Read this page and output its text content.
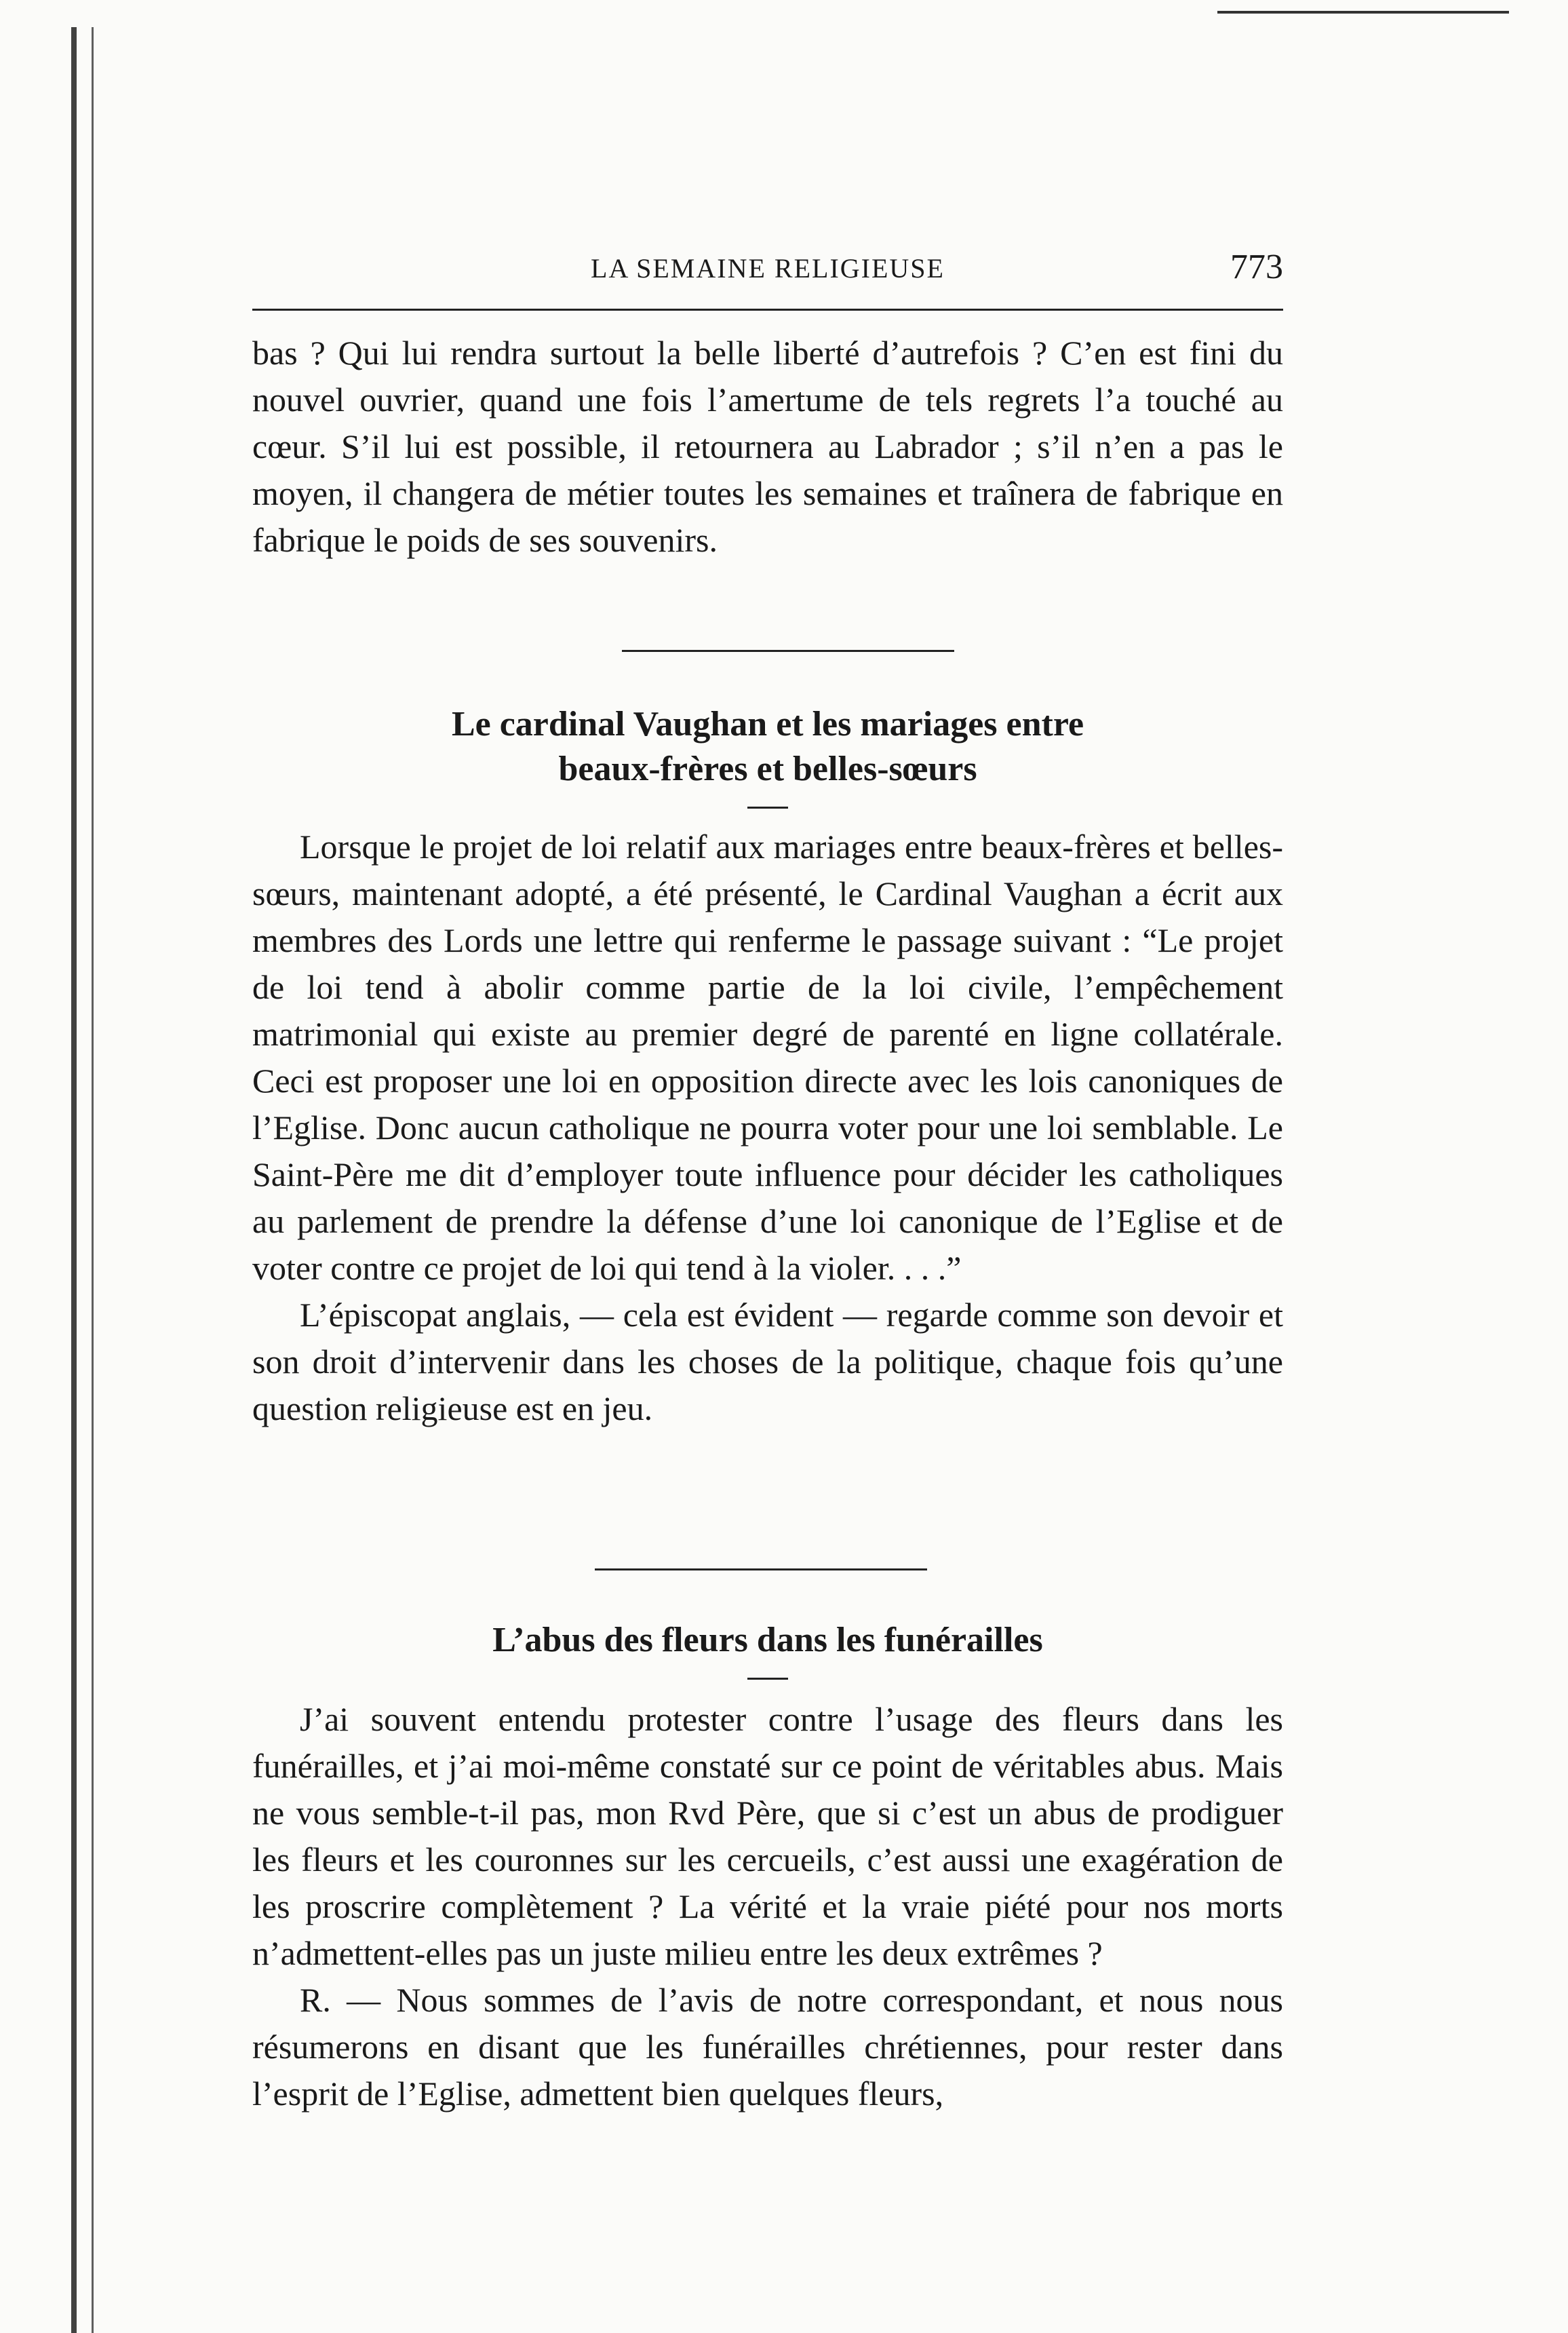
LA SEMAINE RELIGIEUSE	773

bas ? Qui lui rendra surtout la belle liberté d’autrefois ? C’en est fini du nouvel ouvrier, quand une fois l’amertume de tels regrets l’a touché au cœur. S’il lui est possible, il retournera au Labrador ; s’il n’en a pas le moyen, il changera de métier toutes les semaines et traînera de fabrique en fabrique le poids de ses souvenirs.

Le cardinal Vaughan et les mariages entre
beaux-frères et belles-sœurs

Lorsque le projet de loi relatif aux mariages entre beaux-frères et belles-sœurs, maintenant adopté, a été présenté, le Cardinal Vaughan a écrit aux membres des Lords une lettre qui renferme le passage suivant : “Le projet de loi tend à abolir comme partie de la loi civile, l’empêchement matrimonial qui existe au premier degré de parenté en ligne collatérale. Ceci est proposer une loi en opposition directe avec les lois canoniques de l’Eglise. Donc aucun catholique ne pourra voter pour une loi semblable. Le Saint-Père me dit d’employer toute influence pour décider les catholiques au parlement de prendre la défense d’une loi canonique de l’Eglise et de voter contre ce projet de loi qui tend à la violer. . . .”

L’épiscopat anglais, — cela est évident — regarde comme son devoir et son droit d’intervenir dans les choses de la politique, chaque fois qu’une question religieuse est en jeu.

L’abus des fleurs dans les funérailles

J’ai souvent entendu protester contre l’usage des fleurs dans les funérailles, et j’ai moi-même constaté sur ce point de véritables abus. Mais ne vous semble-t-il pas, mon Rvd Père, que si c’est un abus de prodiguer les fleurs et les couronnes sur les cercueils, c’est aussi une exagération de les proscrire complètement ? La vérité et la vraie piété pour nos morts n’admettent-elles pas un juste milieu entre les deux extrêmes ?

R. — Nous sommes de l’avis de notre correspondant, et nous nous résumerons en disant que les funérailles chrétiennes, pour rester dans l’esprit de l’Eglise, admettent bien quelques fleurs,
